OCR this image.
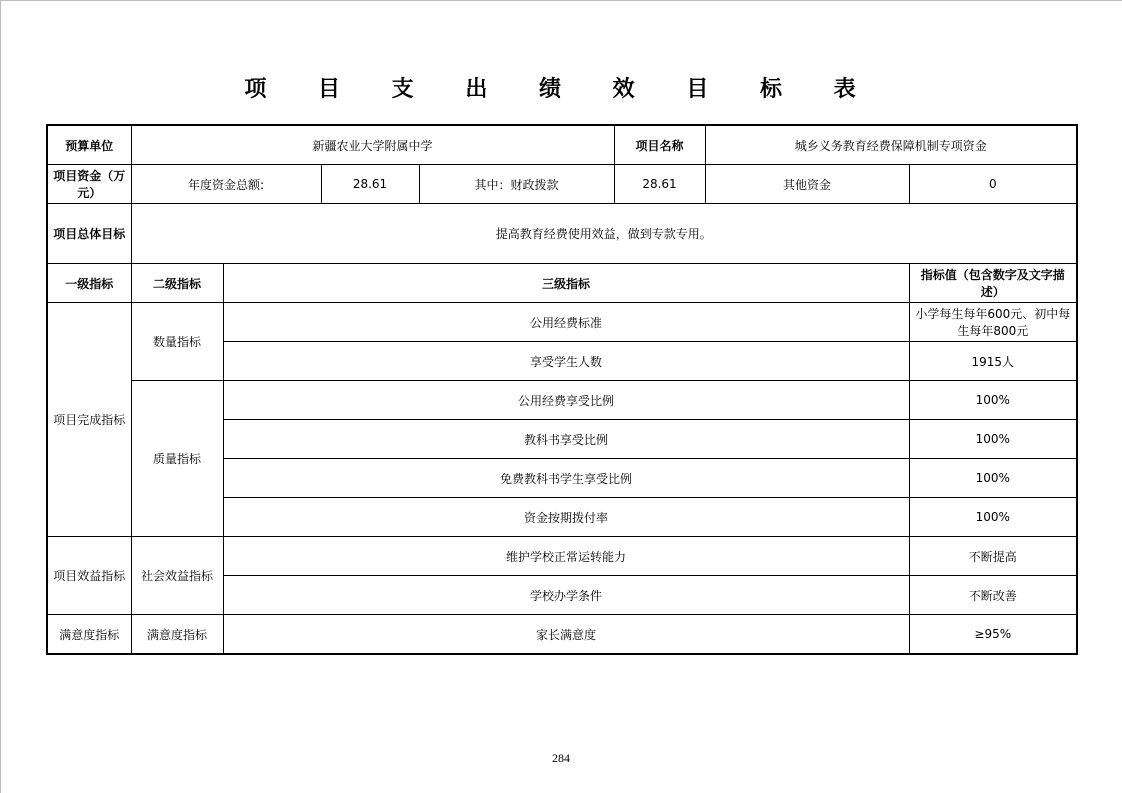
项 目 支 出 绩 效 目 标 表
预算单位	新疆农业大学附属中学				项目名称	城乡义务教育经费保障机制专项资金	
项目资金（万元）	年度资金总额:		28.61	其中：财政拨款	28.61	其他资金	0
项目总体目标	提高教育经费使用效益，做到专款专用。						
一级指标	二级指标	三级指标					指标值（包含数字及文字描述）
项目完成指标	数量指标	公用经费标准					小学每生每年600元、初中每生每年800元
		享受学生人数					1915人
	质量指标	公用经费享受比例					100%
		教科书享受比例					100%
		免费教科书学生享受比例					100%
		资金按期拨付率					100%
项目效益指标	社会效益指标	维护学校正常运转能力					不断提高
		学校办学条件					不断改善
满意度指标	满意度指标	家长满意度					≥95%
284
